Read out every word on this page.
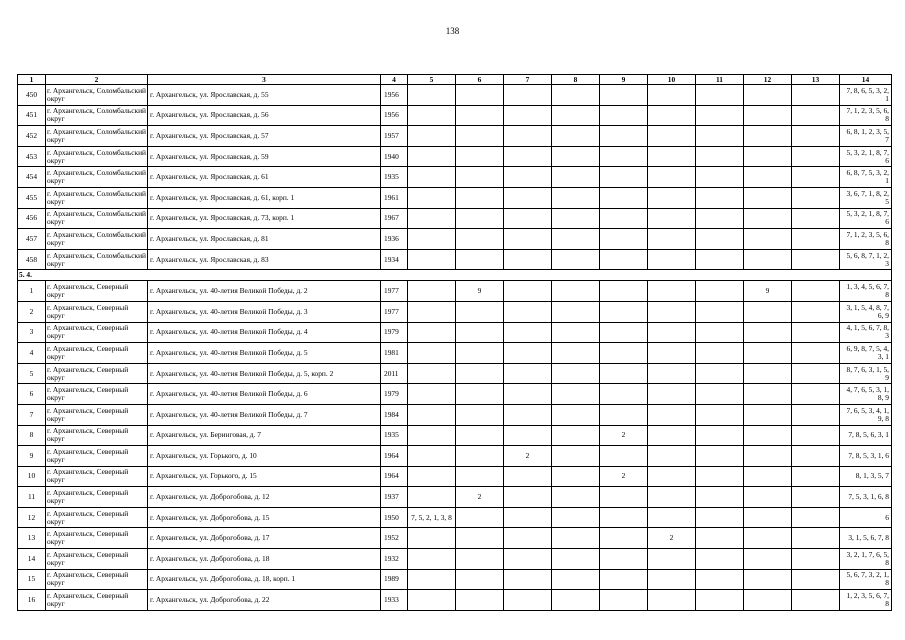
138
1	2	3	4	5	6	7	8	9	10	11	12	13	14
450	г. Архангельск, Соломбальский округ	г. Архангельск, ул. Ярославская, д. 55	1956										7, 8, 6, 5, 3, 2, 1
451	г. Архангельск, Соломбальский округ	г. Архангельск, ул. Ярославская, д. 56	1956										7, 1, 2, 3, 5, 6, 8
452	г. Архангельск, Соломбальский округ	г. Архангельск, ул. Ярославская, д. 57	1957										6, 8, 1, 2, 3, 5, 7
453	г. Архангельск, Соломбальский округ	г. Архангельск, ул. Ярославская, д. 59	1940										5, 3, 2, 1, 8, 7, 6
454	г. Архангельск, Соломбальский округ	г. Архангельск, ул. Ярославская, д. 61	1935										6, 8, 7, 5, 3, 2, 1
455	г. Архангельск, Соломбальский округ	г. Архангельск, ул. Ярославская, д. 61, корп. 1	1961										3, 6, 7, 1, 8, 2, 5
456	г. Архангельск, Соломбальский округ	г. Архангельск, ул. Ярославская, д. 73, корп. 1	1967										5, 3, 2, 1, 8, 7, 6
457	г. Архангельск, Соломбальский округ	г. Архангельск, ул. Ярославская, д. 81	1936										7, 1, 2, 3, 5, 6, 8
458	г. Архангельск, Соломбальский округ	г. Архангельск, ул. Ярославская, д. 83	1934										5, 6, 8, 7, 1, 2, 3
5. 4.													
1	г. Архангельск, Северный округ	г. Архангельск, ул. 40-летия Великой Победы, д. 2	1977		9						9		1, 3, 4, 5, 6, 7, 8
2	г. Архангельск, Северный округ	г. Архангельск, ул. 40-летия Великой Победы, д. 3	1977										3, 1, 5, 4, 8, 7, 6, 9
3	г. Архангельск, Северный округ	г. Архангельск, ул. 40-летия Великой Победы, д. 4	1979										4, 1, 5, 6, 7, 8, 3
4	г. Архангельск, Северный округ	г. Архангельск, ул. 40-летия Великой Победы, д. 5	1981										6, 9, 8, 7, 5, 4, 3, 1
5	г. Архангельск, Северный округ	г. Архангельск, ул. 40-летия Великой Победы, д. 5, корп. 2	2011										8, 7, 6, 3, 1, 5, 9
6	г. Архангельск, Северный округ	г. Архангельск, ул. 40-летия Великой Победы, д. 6	1979										4, 7, 6, 5, 3, 1, 8, 9
7	г. Архангельск, Северный округ	г. Архангельск, ул. 40-летия Великой Победы, д. 7	1984										7, 6, 5, 3, 4, 1, 9, 8
8	г. Архангельск, Северный округ	г. Архангельск, ул. Беринговая, д. 7	1935					2					7, 8, 5, 6, 3, 1
9	г. Архангельск, Северный округ	г. Архангельск, ул. Горького, д. 10	1964			2							7, 8, 5, 3, 1, 6
10	г. Архангельск, Северный округ	г. Архангельск, ул. Горького, д. 15	1964					2					8, 1, 3, 5, 7
11	г. Архангельск, Северный округ	г. Архангельск, ул. Доброгобова, д. 12	1937		2								7, 5, 3, 1, 6, 8
12	г. Архангельск, Северный округ	г. Архангельск, ул. Доброгобова, д. 15	1950	7, 5, 2, 1, 3, 8									6
13	г. Архангельск, Северный округ	г. Архангельск, ул. Доброгобова, д. 17	1952						2				3, 1, 5, 6, 7, 8
14	г. Архангельск, Северный округ	г. Архангельск, ул. Доброгобова, д. 18	1932										3, 2, 1, 7, 6, 5, 8
15	г. Архангельск, Северный округ	г. Архангельск, ул. Доброгобова, д. 18, корп. 1	1989										5, 6, 7, 3, 2, 1, 8
16	г. Архангельск, Северный округ	г. Архангельск, ул. Доброгобова, д. 22	1933										1, 2, 3, 5, 6, 7, 8
